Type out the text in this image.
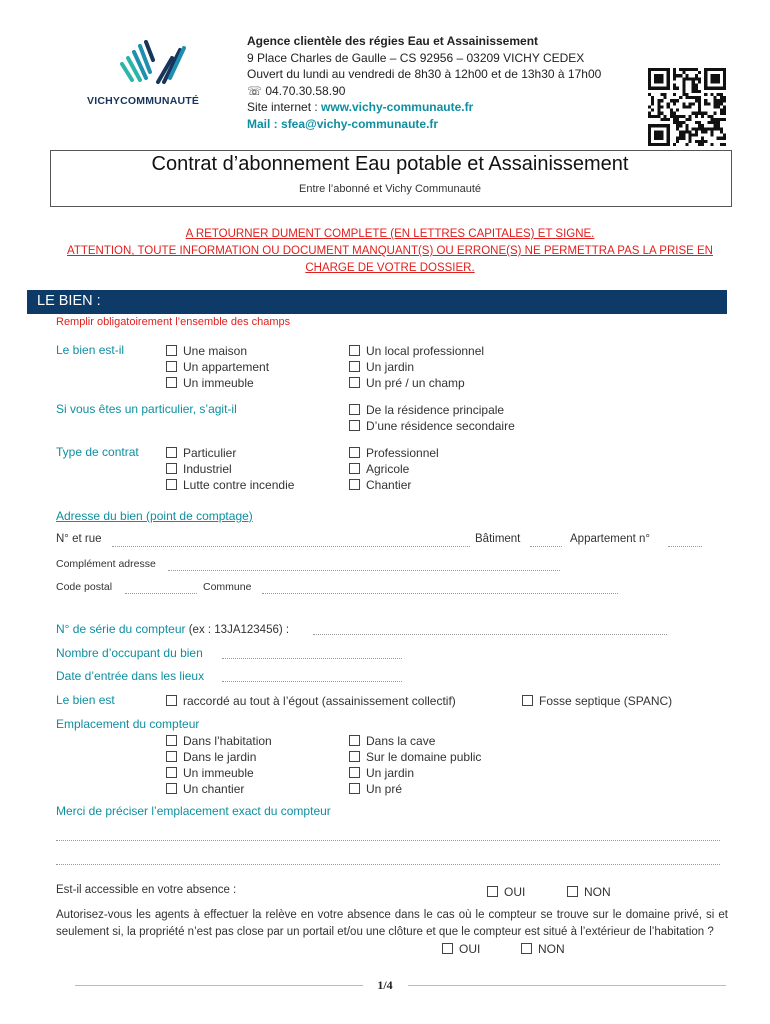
VICHYCOMMUNAUTÉ
Agence clientèle des régies Eau et Assainissement
9 Place Charles de Gaulle – CS 92956 – 03209 VICHY CEDEX
Ouvert du lundi au vendredi de 8h30 à 12h00 et de 13h30 à 17h00
☏ 04.70.30.58.90
Site internet : www.vichy-communaute.fr
Mail : sfea@vichy-communaute.fr
Contrat d’abonnement Eau potable et Assainissement
Entre l’abonné et Vichy Communauté
A RETOURNER DUMENT COMPLETE (EN LETTRES CAPITALES) ET SIGNE.
ATTENTION, TOUTE INFORMATION OU DOCUMENT MANQUANT(S) OU ERRONE(S) NE PERMETTRA PAS LA PRISE EN
CHARGE DE VOTRE DOSSIER.
LE BIEN :
Remplir obligatoirement l’ensemble des champs
Le bien est-il	Une maison
Un appartement
Un immeuble
Un local professionnel
Un jardin
Un pré / un champ
Si vous êtes un particulier, s’agit-il	De la résidence principale
D’une résidence secondaire
Type de contrat	Particulier
Industriel
Lutte contre incendie
Professionnel
Agricole
Chantier
Adresse du bien (point de comptage)
N° et rue	Bâtiment	Appartement n°
Complément adresse
Code postal	Commune
N° de série du compteur (ex : 13JA123456) :
Nombre d’occupant du bien
Date d’entrée dans les lieux
Le bien est	raccordé au tout à l’égout (assainissement collectif)	Fosse septique (SPANC)
Emplacement du compteur
Dans l’habitation
Dans le jardin
Un immeuble
Un chantier
Dans la cave
Sur le domaine public
Un jardin
Un pré
Merci de préciser l’emplacement exact du compteur
Est-il accessible en votre absence :	OUI	NON
Autorisez-vous les agents à effectuer la relève en votre absence dans le cas où le compteur se trouve sur le domaine privé, si et seulement si, la propriété n’est pas close par un portail et/ou une clôture et que le compteur est situé à l’extérieur de l’habitation ?
OUI	NON
1/4
